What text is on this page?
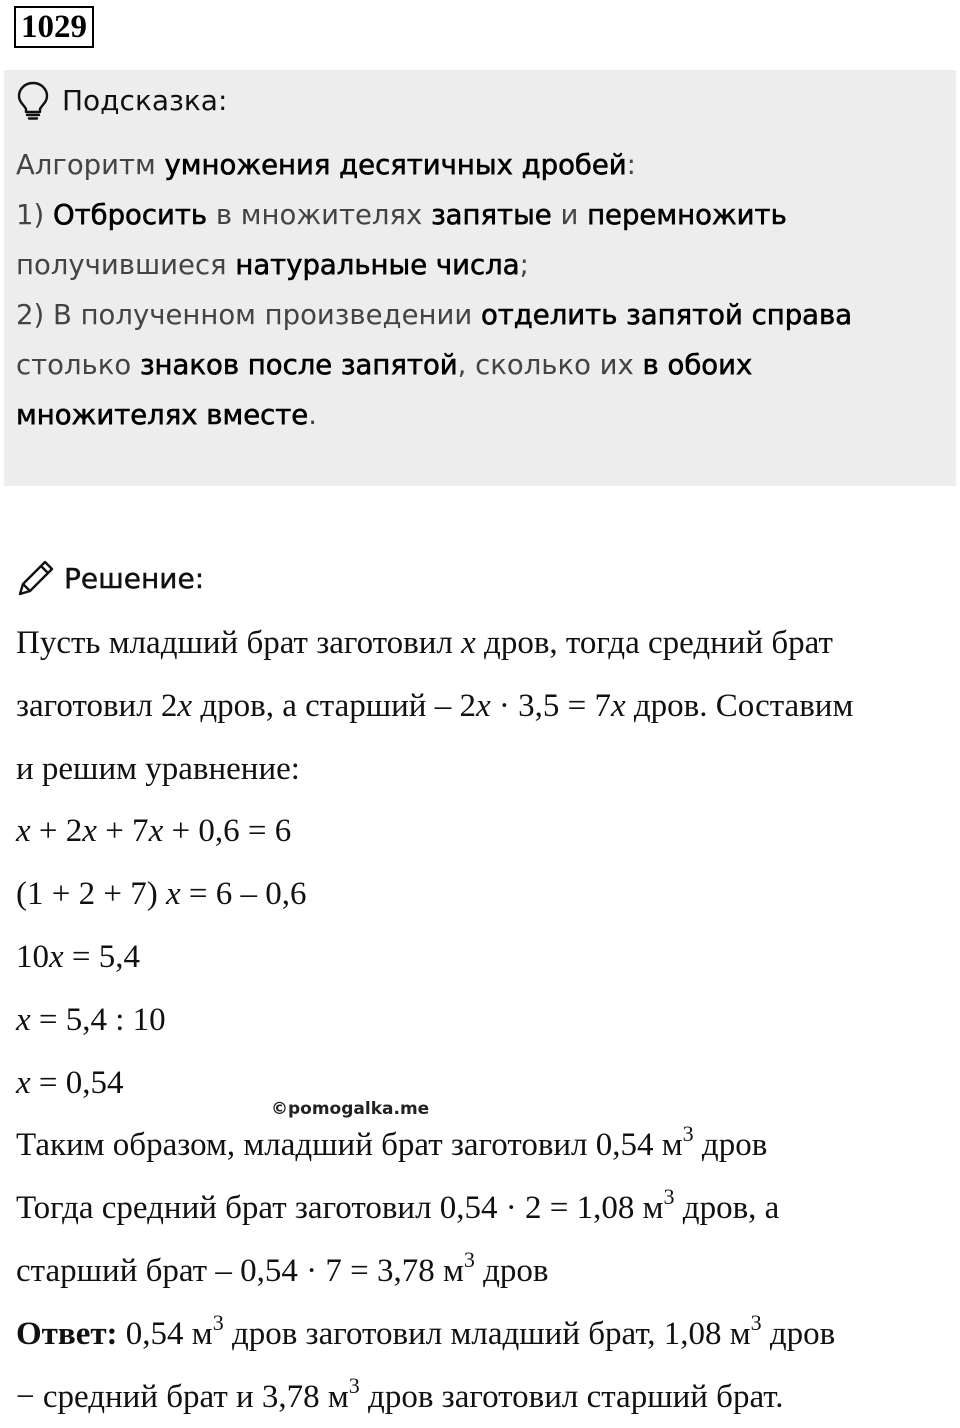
1029
Подсказка:
Алгоритм умножения десятичных дробей:
1) Отбросить в множителях запятые и перемножить
получившиеся натуральные числа;
2) В полученном произведении отделить запятой справа
столько знаков после запятой, сколько их в обоих
множителях вместе.
Решение:
Пусть младший брат заготовил x дров, тогда средний брат
заготовил 2x дров, а старший – 2x · 3,5 = 7x дров. Составим
и решим уравнение:
x + 2x + 7x + 0,6 = 6
(1 + 2 + 7) x = 6 – 0,6
10x = 5,4
x = 5,4 : 10
x = 0,54
Таким образом, младший брат заготовил 0,54 $м^3$ дров
Тогда средний брат заготовил 0,54 · 2 = 1,08 $м^3$ дров, а
старший брат – 0,54 · 7 = 3,78 $м^3$ дров
Ответ: 0,54 $м^3$ дров заготовил младший брат, 1,08 $м^3$ дров
− средний брат и 3,78 $м^3$ дров заготовил старший брат.
©pomogalka.me
